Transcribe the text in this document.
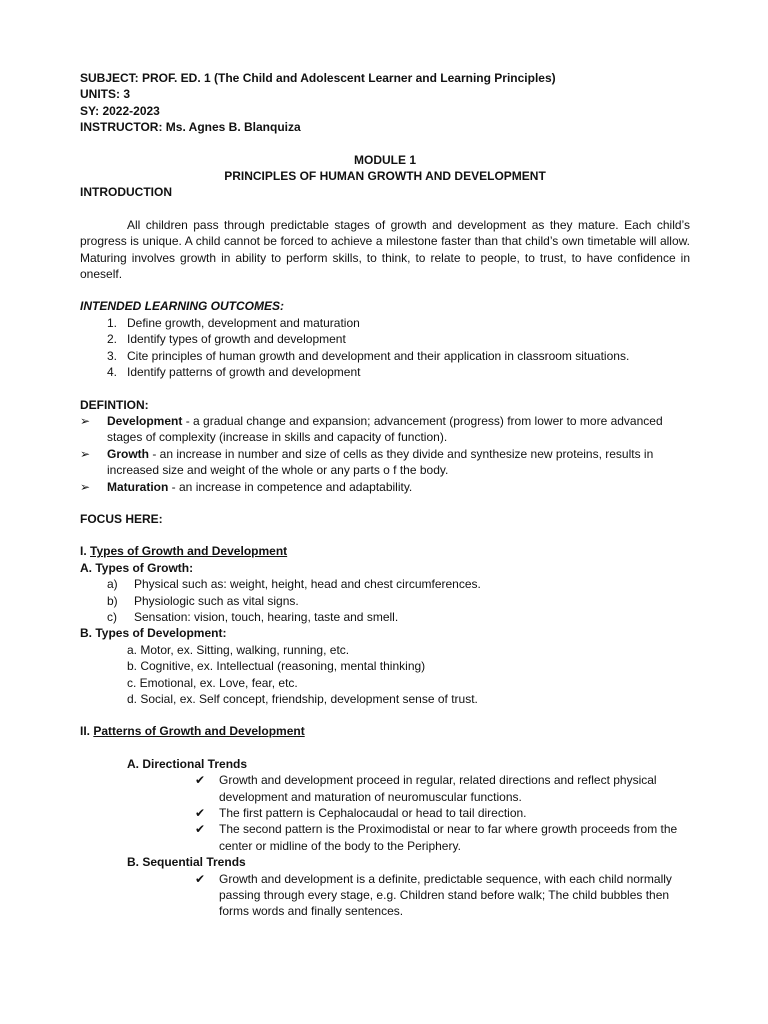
SUBJECT: PROF. ED. 1 (The Child and Adolescent Learner and Learning Principles)
UNITS: 3
SY: 2022-2023
INSTRUCTOR: Ms. Agnes B. Blanquiza
MODULE 1
PRINCIPLES OF HUMAN GROWTH AND DEVELOPMENT
INTRODUCTION
All children pass through predictable stages of growth and development as they mature. Each child’s progress is unique. A child cannot be forced to achieve a milestone faster than that child’s own timetable will allow. Maturing involves growth in ability to perform skills, to think, to relate to people, to trust, to have confidence in oneself.
INTENDED LEARNING OUTCOMES:
1. Define growth, development and maturation
2. Identify types of growth and development
3. Cite principles of human growth and development and their application in classroom situations.
4. Identify patterns of growth and development
DEFINTION:
➢	Development - a gradual change and expansion; advancement (progress) from lower to more advanced stages of complexity (increase in skills and capacity of function).
➢	Growth - an increase in number and size of cells as they divide and synthesize new proteins, results in increased size and weight of the whole or any parts o f the body.
➢	Maturation - an increase in competence and adaptability.
FOCUS HERE:
I. Types of Growth and Development
A. Types of Growth:
a)	Physical such as: weight, height, head and chest circumferences.
b)	Physiologic such as vital signs.
c)	Sensation: vision, touch, hearing, taste and smell.
B. Types of Development:
a. Motor, ex. Sitting, walking, running, etc.
b. Cognitive, ex. Intellectual (reasoning, mental thinking)
c. Emotional, ex. Love, fear, etc.
d. Social, ex. Self concept, friendship, development sense of trust.
II. Patterns of Growth and Development
A. Directional Trends
✔	Growth and development proceed in regular, related directions and reflect physical development and maturation of neuromuscular functions.
✔	The first pattern is Cephalocaudal or head to tail direction.
✔	The second pattern is the Proximodistal or near to far where growth proceeds from the center or midline of the body to the Periphery.
B. Sequential Trends
✔	Growth and development is a definite, predictable sequence, with each child normally passing through every stage, e.g. Children stand before walk; The child bubbles then forms words and finally sentences.
